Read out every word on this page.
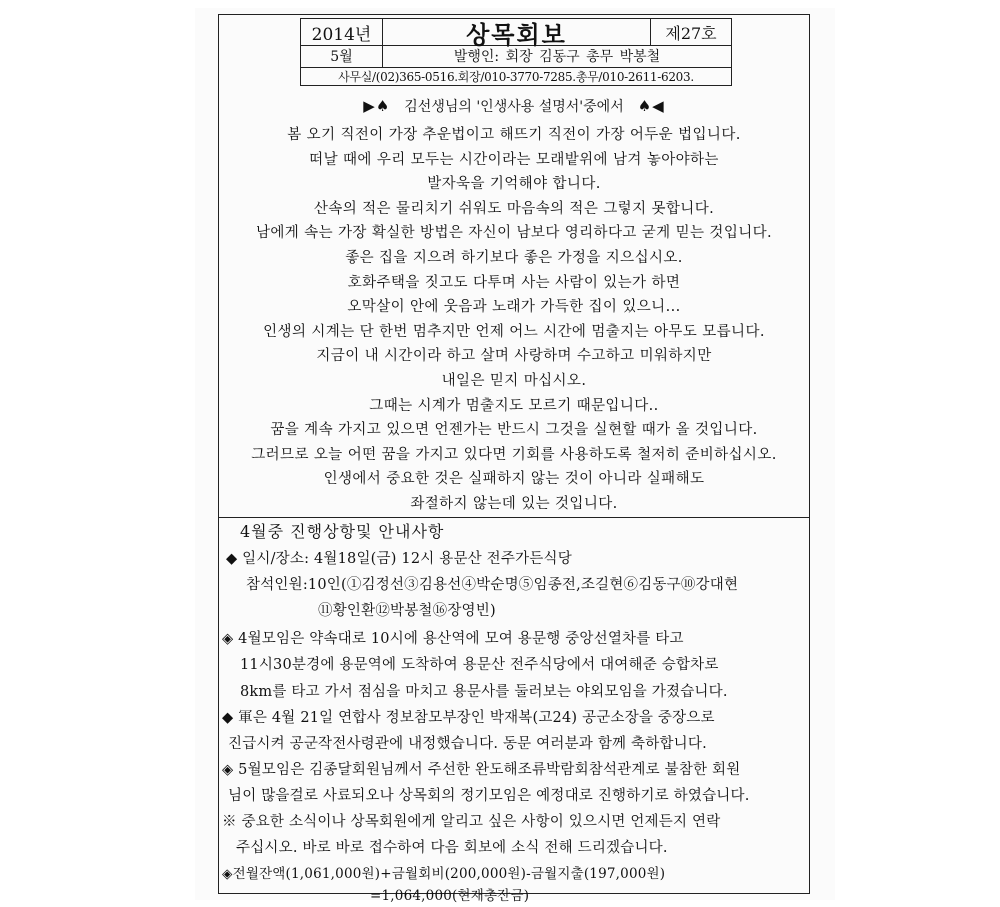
2014년	상목회보	제27호
5월	발행인: 회장 김동구 총무 박봉철
사무실/(02)365-0516.회장/010-3770-7285.총무/010-2611-6203.
▶♠ 김선생님의 '인생사용 설명서'중에서 ♠◀
봄 오기 직전이 가장 추운법이고 해뜨기 직전이 가장 어두운 법입니다.
떠날 때에 우리 모두는 시간이라는 모래밭위에 남겨 놓아야하는
발자욱을 기억해야 합니다.
산속의 적은 물리치기 쉬워도 마음속의 적은 그렇지 못합니다.
남에게 속는 가장 확실한 방법은 자신이 남보다 영리하다고 굳게 믿는 것입니다.
좋은 집을 지으려 하기보다 좋은 가정을 지으십시오.
호화주택을 짓고도 다투며 사는 사람이 있는가 하면
오막살이 안에 웃음과 노래가 가득한 집이 있으니...
인생의 시계는 단 한번 멈추지만 언제 어느 시간에 멈출지는 아무도 모릅니다.
지금이 내 시간이라 하고 살며 사랑하며 수고하고 미워하지만
내일은 믿지 마십시오.
그때는 시계가 멈출지도 모르기 때문입니다..
꿈을 계속 가지고 있으면 언젠가는 반드시 그것을 실현할 때가 올 것입니다.
그러므로 오늘 어떤 꿈을 가지고 있다면 기회를 사용하도록 철저히 준비하십시오.
인생에서 중요한 것은 실패하지 않는 것이 아니라 실패해도
좌절하지 않는데 있는 것입니다.
4월중 진행상항및 안내사항
◆ 일시/장소: 4월18일(금) 12시 용문산 전주가든식당
참석인원:10인(①김정선③김용선④박순명⑤임종전,조길현⑥김동구⑩강대현
⑪황인환⑫박봉철⑯장영빈)
◈ 4월모임은 약속대로 10시에 용산역에 모여 용문행 중앙선열차를 타고
11시30분경에 용문역에 도착하여 용문산 전주식당에서 대여해준 승합차로
8km를 타고 가서 점심을 마치고 용문사를 둘러보는 야외모임을 가졌습니다.
◆ 軍은 4월 21일 연합사 정보참모부장인 박재복(고24) 공군소장을 중장으로
진급시켜 공군작전사령관에 내정했습니다. 동문 여러분과 함께 축하합니다.
◈ 5월모임은 김종달회원님께서 주선한 완도해조류박람회참석관계로 불참한 회원
님이 많을걸로 사료되오나 상목회의 정기모임은 예정대로 진행하기로 하였습니다.
※ 중요한 소식이나 상목회원에게 알리고 싶은 사항이 있으시면 언제든지 연락
주십시오. 바로 바로 접수하여 다음 회보에 소식 전해 드리겠습니다.
◈전월잔액(1,061,000원)+금월회비(200,000원)-금월지출(197,000원)
=1,064,000(현재총잔금)
